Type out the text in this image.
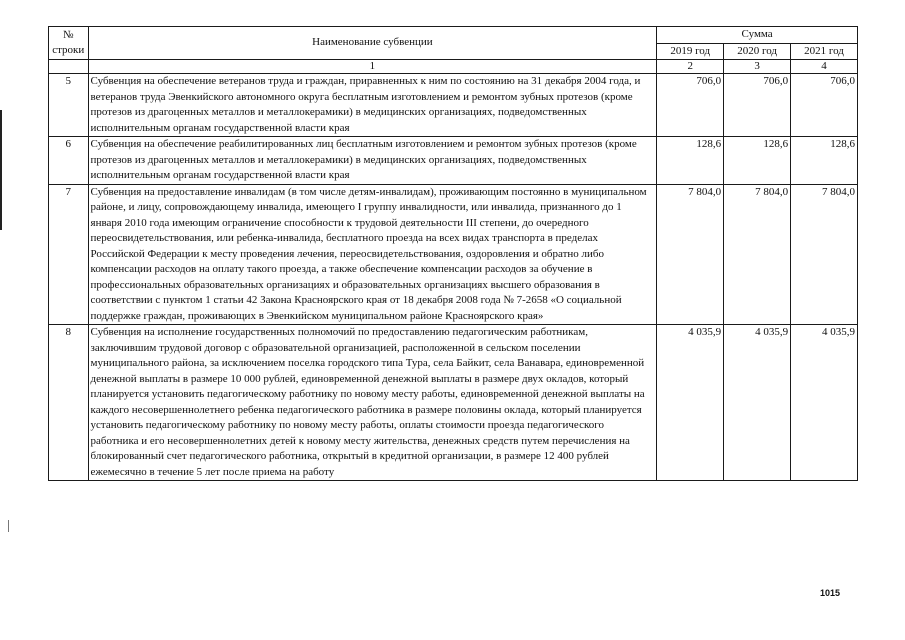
№
строки	Наименование субвенции	Сумма		
		2019 год	2020 год	2021 год
	1	2	3	4
5	Субвенция на обеспечение ветеранов труда и граждан, приравненных к ним по состоянию на 31 декабря 2004 года, и ветеранов труда Эвенкийского автономного округа бесплатным изготовлением и ремонтом зубных протезов (кроме протезов из драгоценных металлов и металлокерамики) в медицинских организациях, подведомственных исполнительным органам государственной власти края	706,0	706,0	706,0
6	Субвенция на обеспечение реабилитированных лиц бесплатным изготовлением и ремонтом зубных протезов (кроме протезов из драгоценных металлов и металлокерамики) в медицинских организациях, подведомственных исполнительным органам государственной власти края	128,6	128,6	128,6
7	Субвенция на предоставление инвалидам (в том числе детям-инвалидам), проживающим постоянно в муниципальном районе, и лицу, сопровождающему инвалида, имеющего I группу инвалидности, или инвалида, признанного до 1 января 2010 года имеющим ограничение способности к трудовой деятельности III степени, до очередного переосвидетельствования, или ребенка-инвалида, бесплатного проезда на всех видах транспорта в пределах Российской Федерации к месту проведения лечения, переосвидетельствования, оздоровления и обратно либо компенсации расходов на оплату такого проезда, а также обеспечение компенсации расходов за обучение в профессиональных образовательных организациях и образовательных организациях высшего образования в соответствии с пунктом 1 статьи 42 Закона Красноярского края от 18 декабря 2008 года № 7-2658 «О социальной поддержке граждан, проживающих в Эвенкийском муниципальном районе Красноярского края»	7 804,0	7 804,0	7 804,0
8	Субвенция на исполнение государственных полномочий по предоставлению педагогическим работникам, заключившим трудовой договор с образовательной организацией, расположенной в сельском поселении муниципального района, за исключением поселка городского типа Тура, села Байкит, села Ванавара, единовременной денежной выплаты в размере 10 000 рублей, единовременной денежной выплаты в размере двух окладов, который планируется установить педагогическому работнику по новому месту работы, единовременной денежной выплаты на каждого несовершеннолетнего ребенка педагогического работника в размере половины оклада, который планируется установить педагогическому работнику по новому месту работы, оплаты стоимости проезда педагогического работника и его несовершеннолетних детей к новому месту жительства, денежных средств путем перечисления на блокированный счет педагогического работника, открытый в кредитной организации, в размере 12 400 рублей ежемесячно в течение 5 лет после приема на работу	4 035,9	4 035,9	4 035,9
1015
